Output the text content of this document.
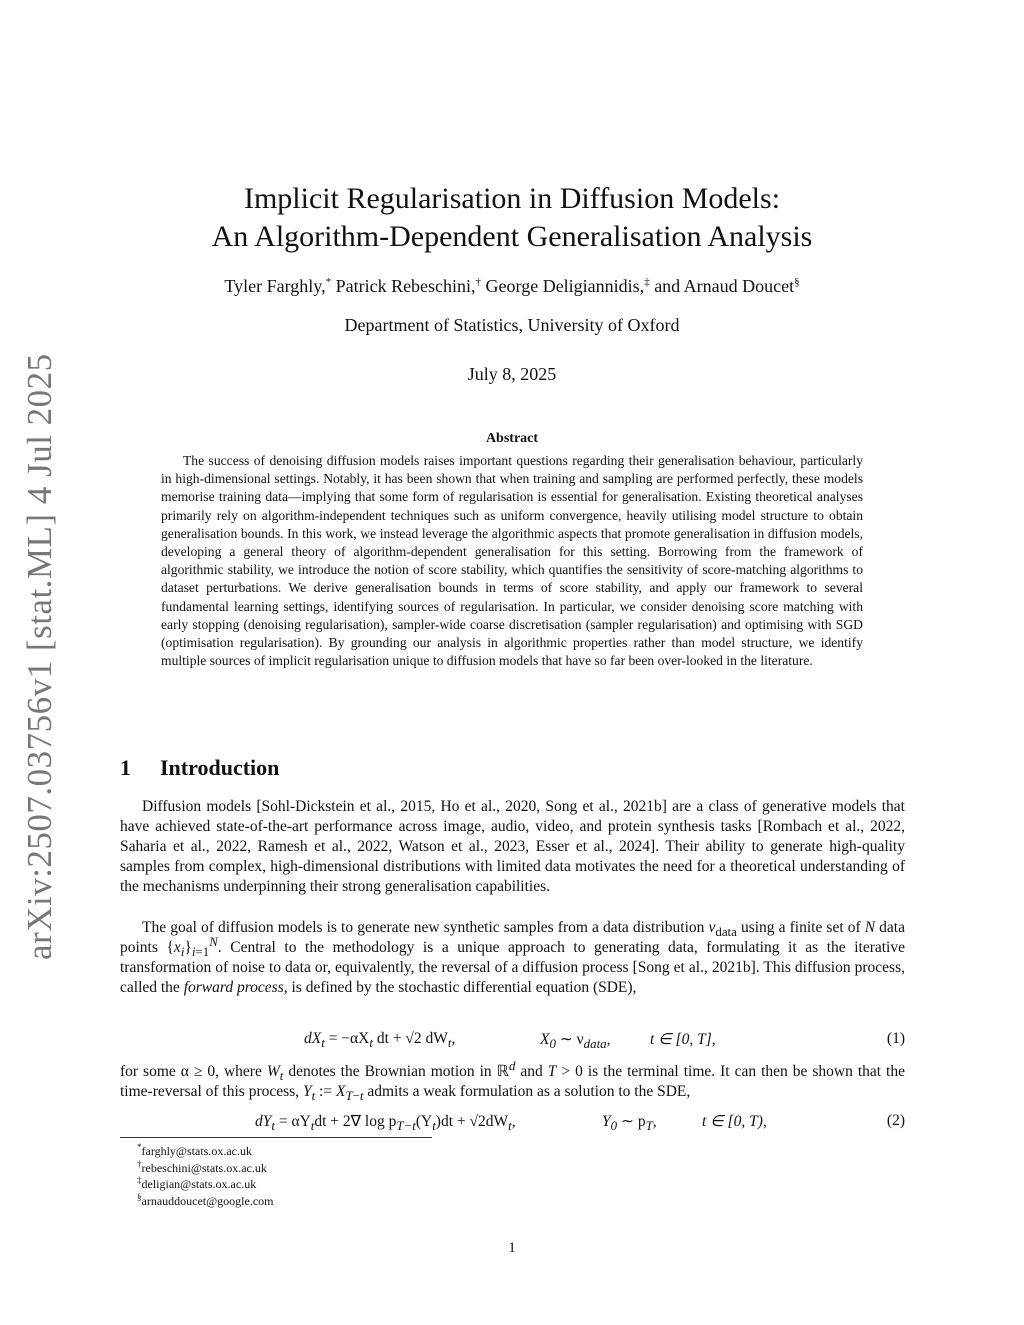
arXiv:2507.03756v1 [stat.ML] 4 Jul 2025
Implicit Regularisation in Diffusion Models:
An Algorithm-Dependent Generalisation Analysis
Tyler Farghly,* Patrick Rebeschini,† George Deligiannidis,‡ and Arnaud Doucet§
Department of Statistics, University of Oxford
July 8, 2025
Abstract

The success of denoising diffusion models raises important questions regarding their generalisation behaviour, particularly in high-dimensional settings. Notably, it has been shown that when training and sampling are performed perfectly, these models memorise training data—implying that some form of regularisation is essential for generalisation. Existing theoretical analyses primarily rely on algorithm-independent techniques such as uniform convergence, heavily utilising model structure to obtain generalisation bounds. In this work, we instead leverage the algorithmic aspects that promote generalisation in diffusion models, developing a general theory of algorithm-dependent generalisation for this setting. Borrowing from the framework of algorithmic stability, we introduce the notion of score stability, which quantifies the sensitivity of score-matching algorithms to dataset perturbations. We derive generalisation bounds in terms of score stability, and apply our framework to several fundamental learning settings, identifying sources of regularisation. In particular, we consider denoising score matching with early stopping (denoising regularisation), sampler-wide coarse discretisation (sampler regularisation) and optimising with SGD (optimisation regularisation). By grounding our analysis in algorithmic properties rather than model structure, we identify multiple sources of implicit regularisation unique to diffusion models that have so far been over-looked in the literature.

1 Introduction

Diffusion models [Sohl-Dickstein et al., 2015, Ho et al., 2020, Song et al., 2021b] are a class of generative models that have achieved state-of-the-art performance across image, audio, video, and protein synthesis tasks [Rombach et al., 2022, Saharia et al., 2022, Ramesh et al., 2022, Watson et al., 2023, Esser et al., 2024]. Their ability to generate high-quality samples from complex, high-dimensional distributions with limited data motivates the need for a theoretical understanding of the mechanisms underpinning their strong generalisation capabilities.

The goal of diffusion models is to generate new synthetic samples from a data distribution $\nu_{data}$ using a finite set of N data points $\{x_i\}_{i=1}^N$. Central to the methodology is a unique approach to generating data, formulating it as the iterative transformation of noise to data or, equivalently, the reversal of a diffusion process [Song et al., 2021b]. This diffusion process, called the forward process, is defined by the stochastic differential equation (SDE),

$dX_t = -\alpha X_t$ dt + √2 $dW_t$,	$X_0$ ∼ $\nu_{data}$,	t ∈ [0, T],	(1)

for some α ≥ 0, where $W_t$ denotes the Brownian motion in ℝ$^d$ and T > 0 is the terminal time. It can then be shown that the time-reversal of this process, $Y_t$ := $X_{T-t}$ admits a weak formulation as a solution to the SDE,

$dY_t = \alpha Y_tdt + 2\nabla$ $\log p_{T-t}(Y_t)dt + √2dW_t$,	$Y_0$ ∼ $p_T$,	t ∈ [0, T),	(2)
*farghly@stats.ox.ac.uk
†rebeschini@stats.ox.ac.uk
‡deligian@stats.ox.ac.uk
§arnauddoucet@google.com
1
